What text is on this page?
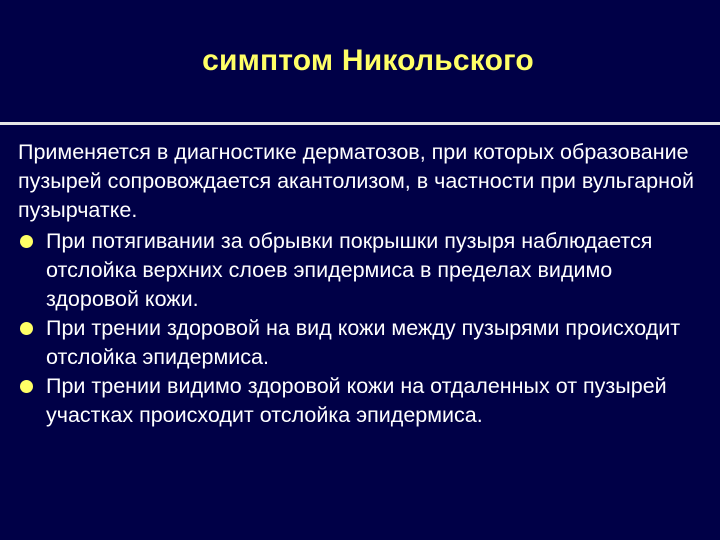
симптом Никольского

Применяется в диагностике дерматозов, при которых образование пузырей сопровождается акантолизом, в частности при вульгарной пузырчатке.

При потягивании за обрывки покрышки пузыря наблюдается отслойка верхних слоев эпидермиса в пределах видимо здоровой кожи.
При трении здоровой на вид кожи между пузырями происходит отслойка эпидермиса.
При трении видимо здоровой кожи на отдаленных от пузырей участках происходит отслойка эпидермиса.
